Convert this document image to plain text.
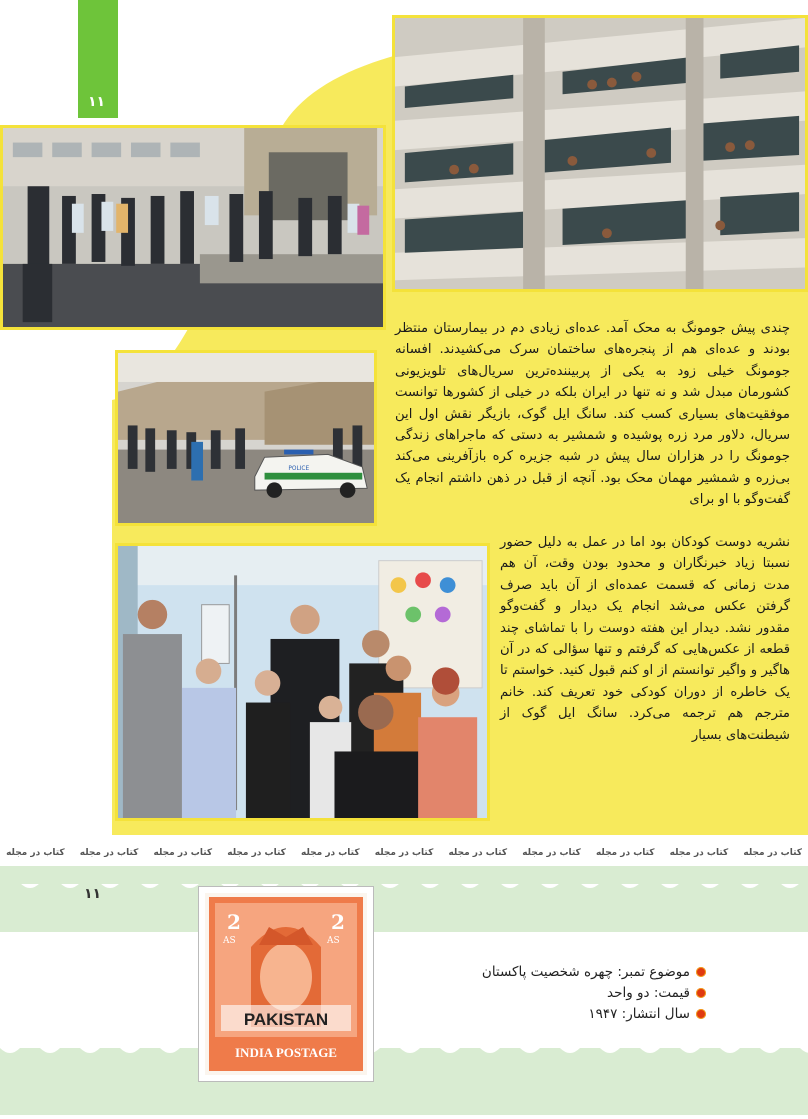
۱۱
POLICE

چندی پیش جومونگ به محک آمد. عده‌ای زیادی دم در بیمارستان منتظر بودند و عده‌ای هم از پنجره‌های ساختمان سرک می‌کشیدند. افسانه جومونگ خیلی زود به یکی از پربیننده‌ترین سریال‌های تلویزیونی کشورمان مبدل شد و نه تنها در ایران بلکه در خیلی از کشورها توانست موفقیت‌های بسیاری کسب کند. سانگ ایل گوک، بازیگر نقش اول این سریال، دلاور مرد زره پوشیده و شمشیر به دستی که ماجراهای زندگی جومونگ را در هزاران سال پیش در شبه جزیره کره بازآفرینی می‌کند بی‌زره و شمشیر مهمان محک بود. آنچه از قبل در ذهن داشتم انجام یک گفت‌وگو با او برای

نشریه دوست کودکان بود اما در عمل به دلیل حضور نسبتا زیاد خبرنگاران و محدود بودن وقت، آن هم مدت زمانی که قسمت عمده‌ای از آن باید صرف گرفتن عکس می‌شد انجام یک دیدار و گفت‌وگو مقدور نشد. دیدار این هفته دوست را با تماشای چند قطعه از عکس‌هایی که گرفتم و تنها سؤالی که در آن هاگیر و واگیر توانستم از او کنم قبول کنید. خواستم تا یک خاطره از دوران کودکی خود تعریف کند. خانم مترجم هم ترجمه می‌کرد. سانگ ایل گوک از شیطنت‌های بسیار

کتاب در مجله کتاب در مجله کتاب در مجله کتاب در مجله کتاب در مجله کتاب در مجله کتاب در مجله کتاب در مجله کتاب در مجله کتاب در مجله کتاب در مجله
۱۱
2
AS
2
AS
PAKISTAN
INDIA POSTAGE
موضوع تمبر: چهره شخصیت پاکستان
قیمت: دو واحد
سال انتشار: ۱۹۴۷
